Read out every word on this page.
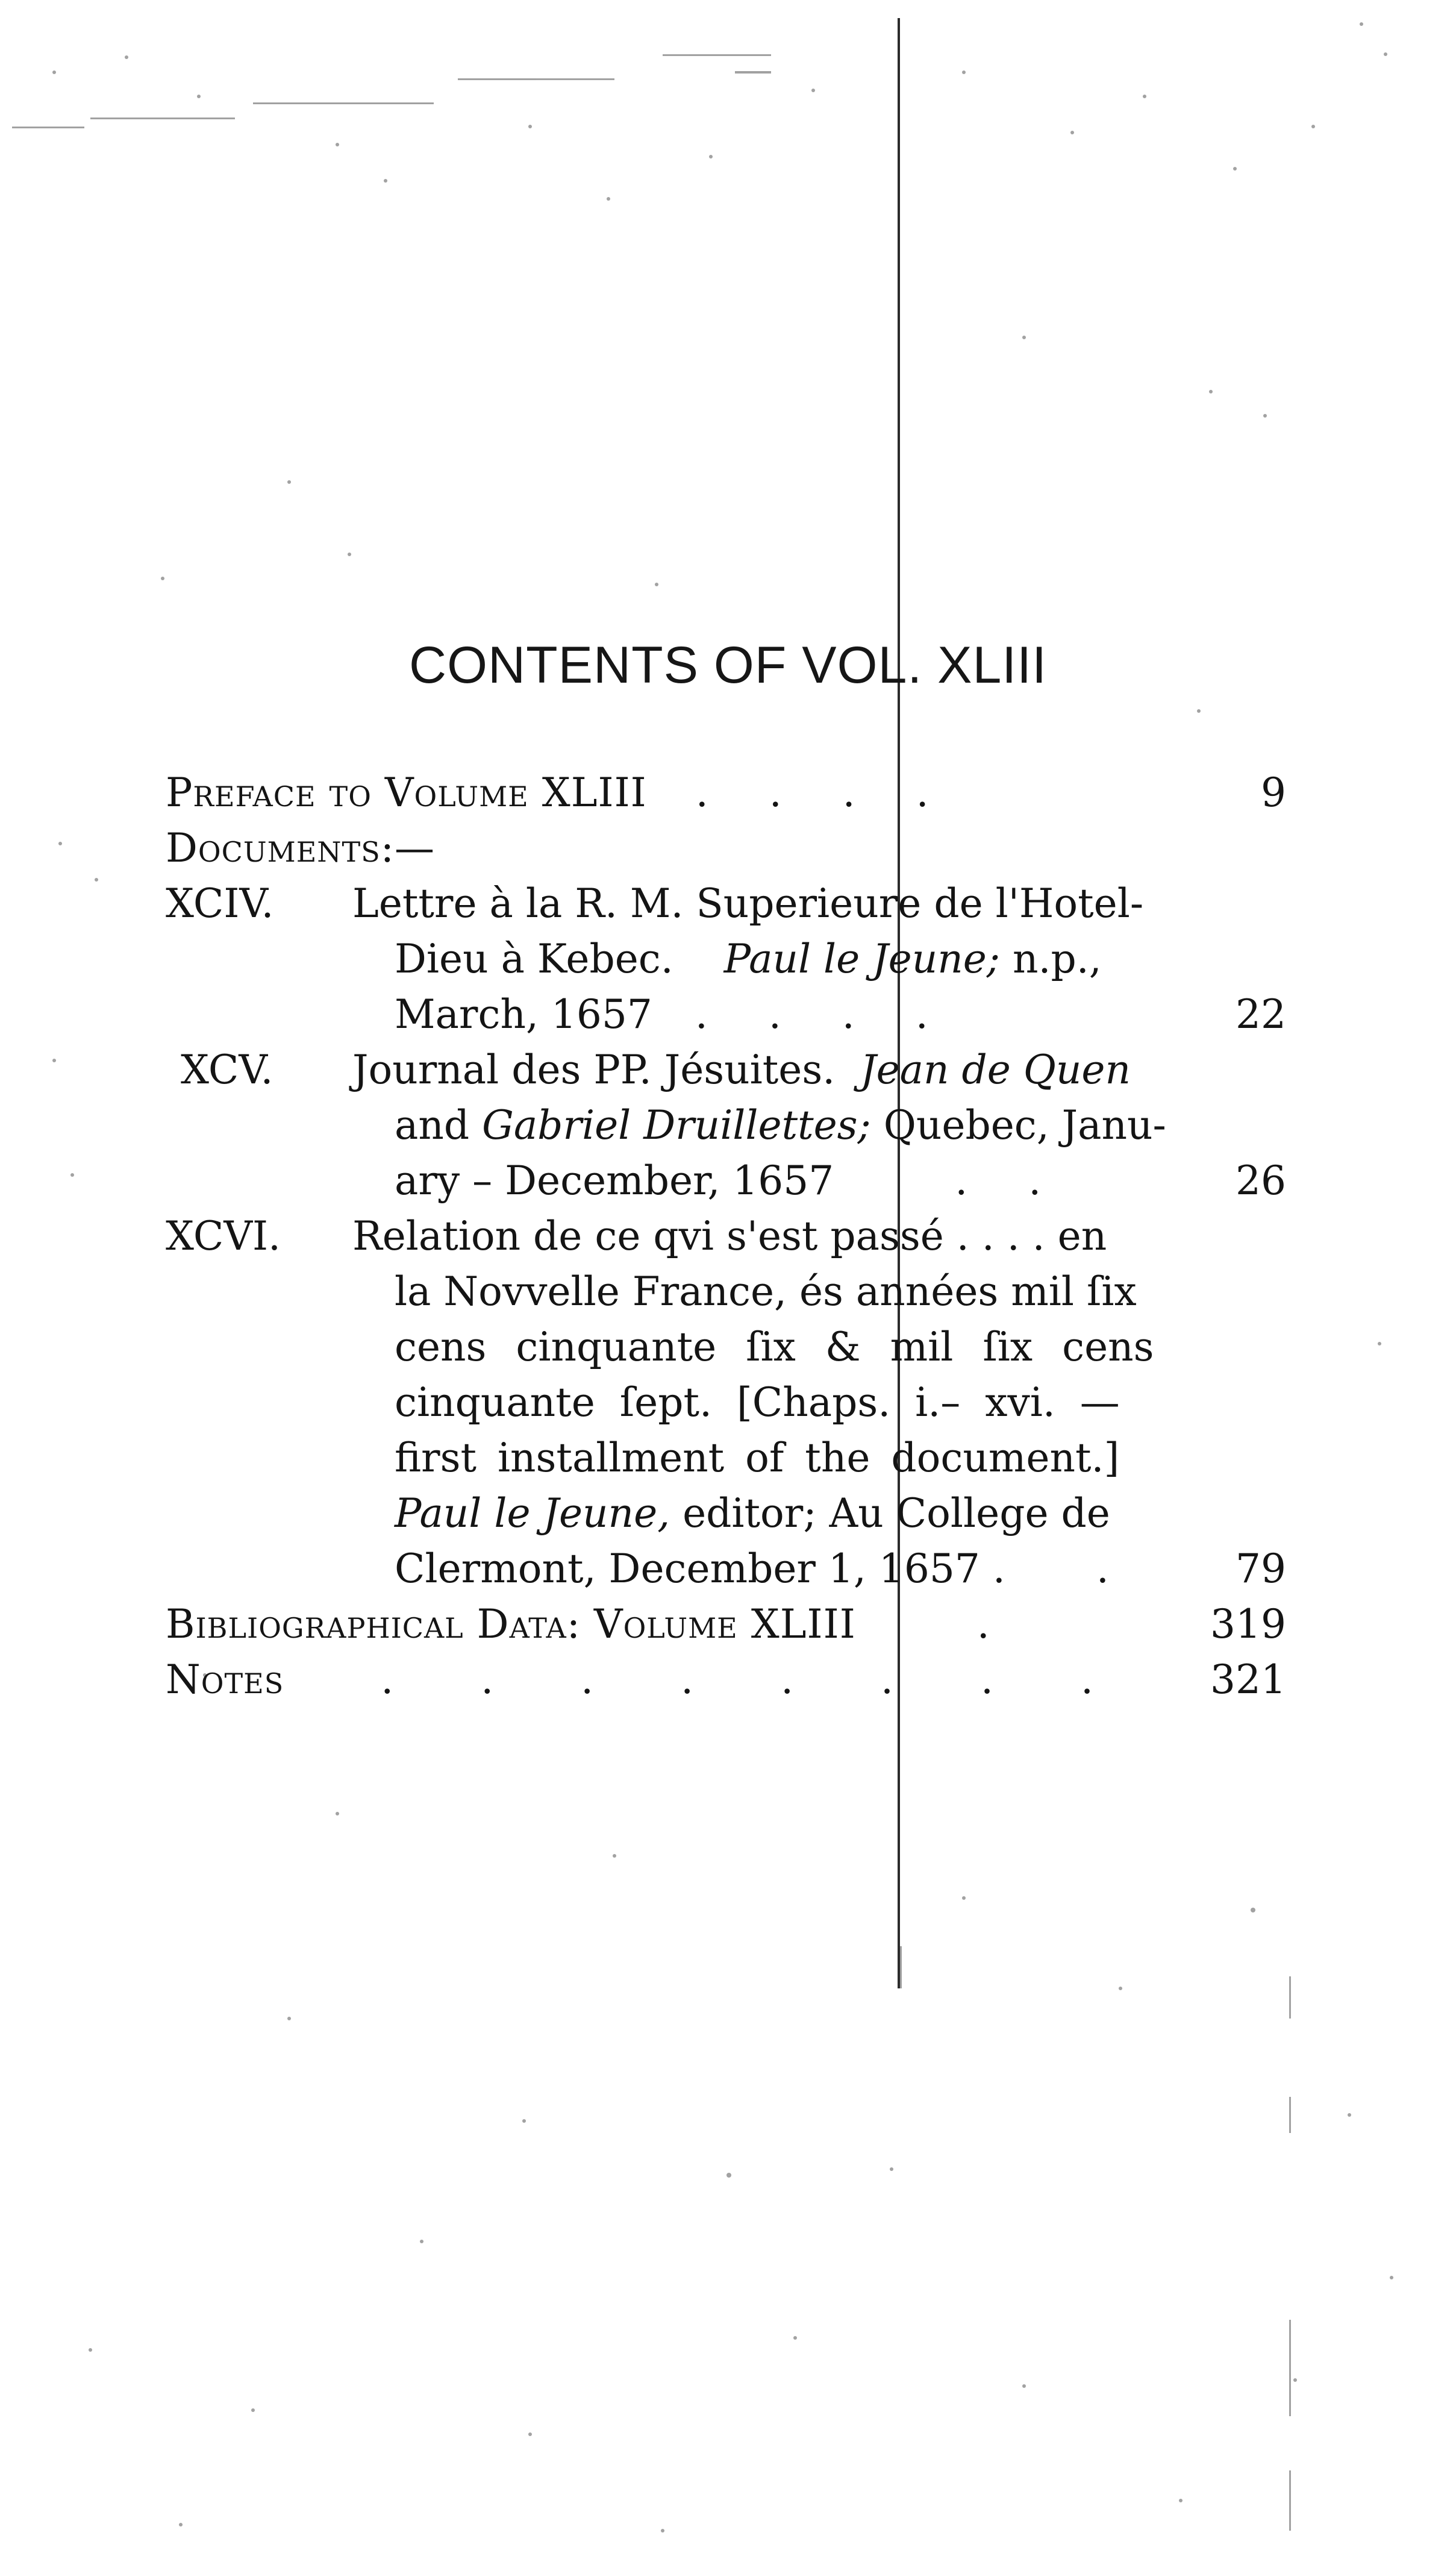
CONTENTS OF VOL. XLIII
Preface to Volume XLIII . . . .	9
Documents:—
XCIV. Lettre à la R. M. Superieure de l'Hotel-
Dieu à Kebec. Paul le Jeune; n.p.,
March, 1657 . . . .	22
XCV. Journal des PP. Jésuites. Jean de Quen
and Gabriel Druillettes; Quebec, Janu-
ary – December, 1657	. .	26
XCVI. Relation de ce qvi s'est passé . . . . en
la Novvelle France, és années mil ſix
cens cinquante ſix & mil ſix cens
cinquante ſept. [Chaps. i.– xvi. —
first installment of the document.]
Paul le Jeune, editor; Au College de
Clermont, December 1, 1657 . .	79
Bibliographical Data: Volume XLIII	.	319
Notes . . . . . . . . 321
